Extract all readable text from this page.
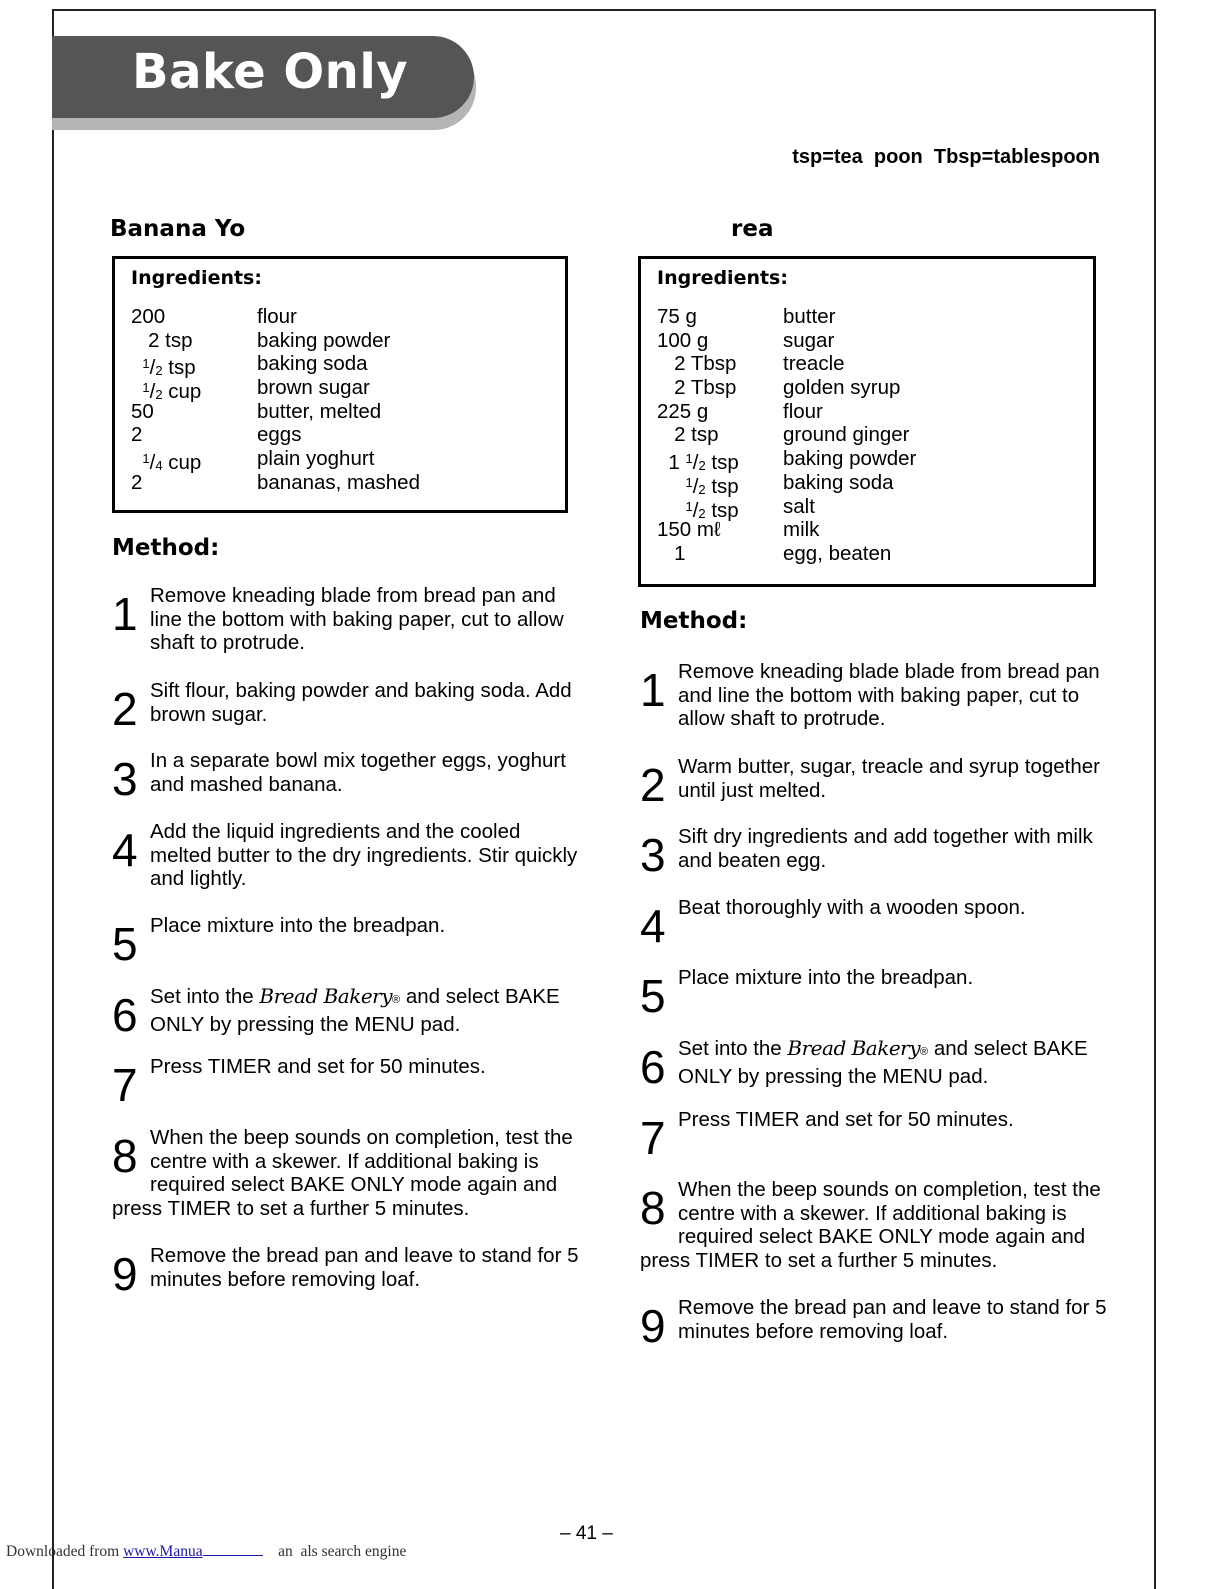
Bake Only
tsp=tea  poon  Tbsp=tablespoon
Banana Yo
Ingredients:
200	flour
2 tsp	baking powder
$^1/_2$ tsp	baking soda
$^1/_2$ cup	brown sugar
50	butter, melted
2	eggs
$^1/_4$ cup	plain yoghurt
2	bananas, mashed
Method:
1 Remove kneading blade from bread pan and line the bottom with baking paper, cut to allow shaft to protrude.
2 Sift flour, baking powder and baking soda. Add brown sugar.
3 In a separate bowl mix together eggs, yoghurt and mashed banana.
4 Add the liquid ingredients and the cooled melted butter to the dry ingredients. Stir quickly and lightly.
5 Place mixture into the breadpan.
6 Set into the Bread Bakery® and select BAKE ONLY by pressing the MENU pad.
7 Press TIMER and set for 50 minutes.
8 When the beep sounds on completion, test the centre with a skewer. If additional baking is required select BAKE ONLY mode again and press TIMER to set a further 5 minutes.
9 Remove the bread pan and leave to stand for 5 minutes before removing loaf.
rea
Ingredients:
75 g	butter
100 g	sugar
2 Tbsp	treacle
2 Tbsp	golden syrup
225 g	flour
2 tsp	ground ginger
1 $^1/_2$ tsp	baking powder
$^1/_2$ tsp	baking soda
$^1/_2$ tsp	salt
150 mℓ	milk
1	egg, beaten
Method:
1 Remove kneading blade blade from bread pan and line the bottom with baking paper, cut to allow shaft to protrude.
2 Warm butter, sugar, treacle and syrup together until just melted.
3 Sift dry ingredients and add together with milk and beaten egg.
4 Beat thoroughly with a wooden spoon.
5 Place mixture into the breadpan.
6 Set into the Bread Bakery® and select BAKE ONLY by pressing the MENU pad.
7 Press TIMER and set for 50 minutes.
8 When the beep sounds on completion, test the centre with a skewer. If additional baking is required select BAKE ONLY mode again and press TIMER to set a further 5 minutes.
9 Remove the bread pan and leave to stand for 5 minutes before removing loaf.
– 41 –
Downloaded from www.Manua	an  als search engine
